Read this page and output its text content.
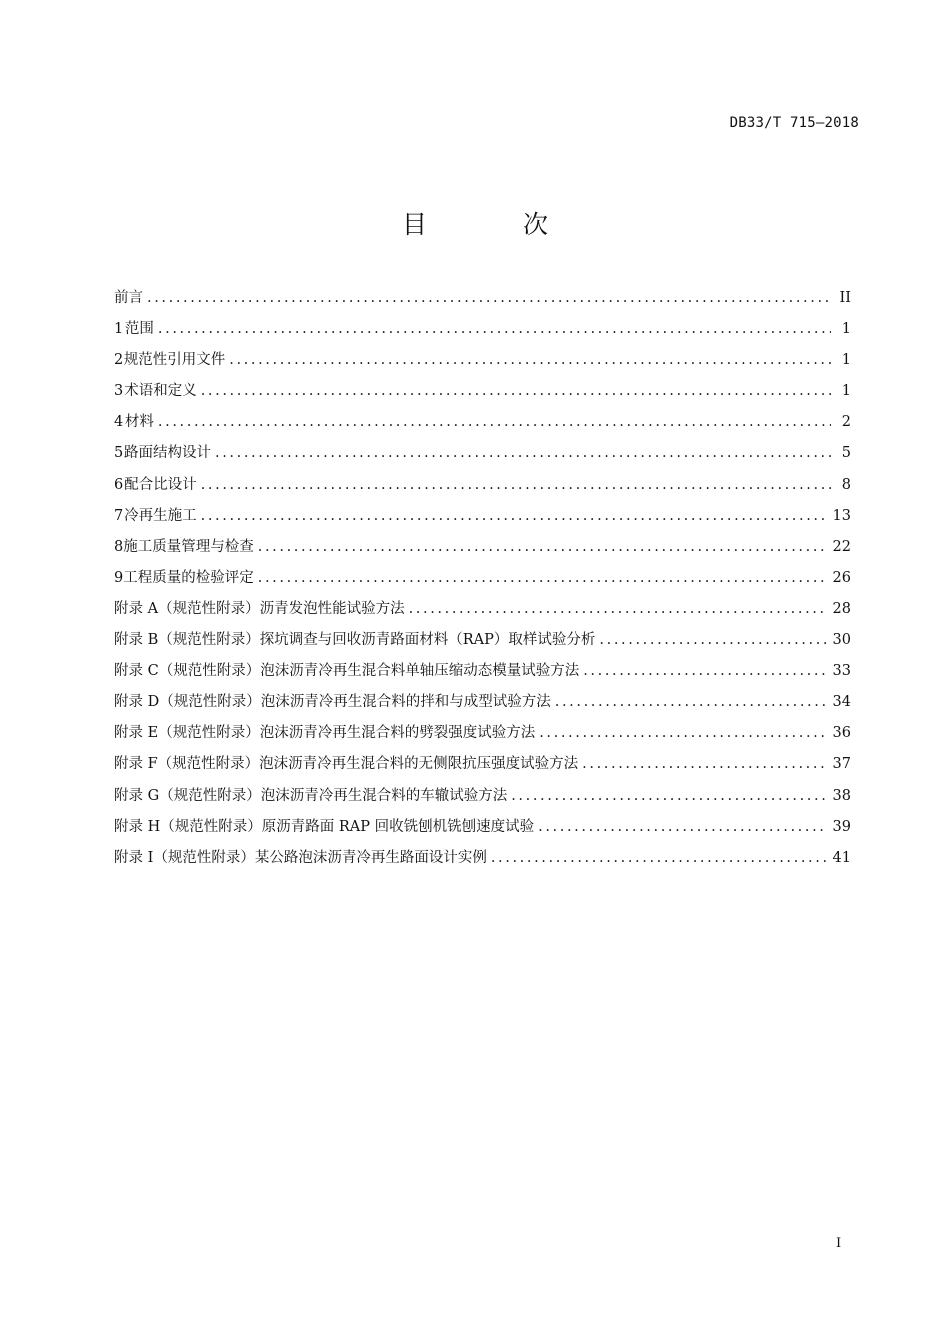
DB33/T 715—2018
目 次
前言 .....	II
1 范围 .....	1
2 规范性引用文件 .....	1
3 术语和定义 .....	1
4 材料 .....	2
5 路面结构设计 .....	5
6 配合比设计 .....	8
7 冷再生施工 .....	13
8 施工质量管理与检查 .....	22
9 工程质量的检验评定 .....	26
附录 A（规范性附录） 沥青发泡性能试验方法 .....	28
附录 B（规范性附录） 探坑调查与回收沥青路面材料（RAP）取样试验分析 .....	30
附录 C（规范性附录） 泡沫沥青冷再生混合料单轴压缩动态模量试验方法 .....	33
附录 D（规范性附录） 泡沫沥青冷再生混合料的拌和与成型试验方法 .....	34
附录 E（规范性附录） 泡沫沥青冷再生混合料的劈裂强度试验方法 .....	36
附录 F（规范性附录） 泡沫沥青冷再生混合料的无侧限抗压强度试验方法 .....	37
附录 G（规范性附录） 泡沫沥青冷再生混合料的车辙试验方法 .....	38
附录 H（规范性附录） 原沥青路面 RAP 回收铣刨机铣刨速度试验 .....	39
附录 I（规范性附录） 某公路泡沫沥青冷再生路面设计实例 .....	41
I
